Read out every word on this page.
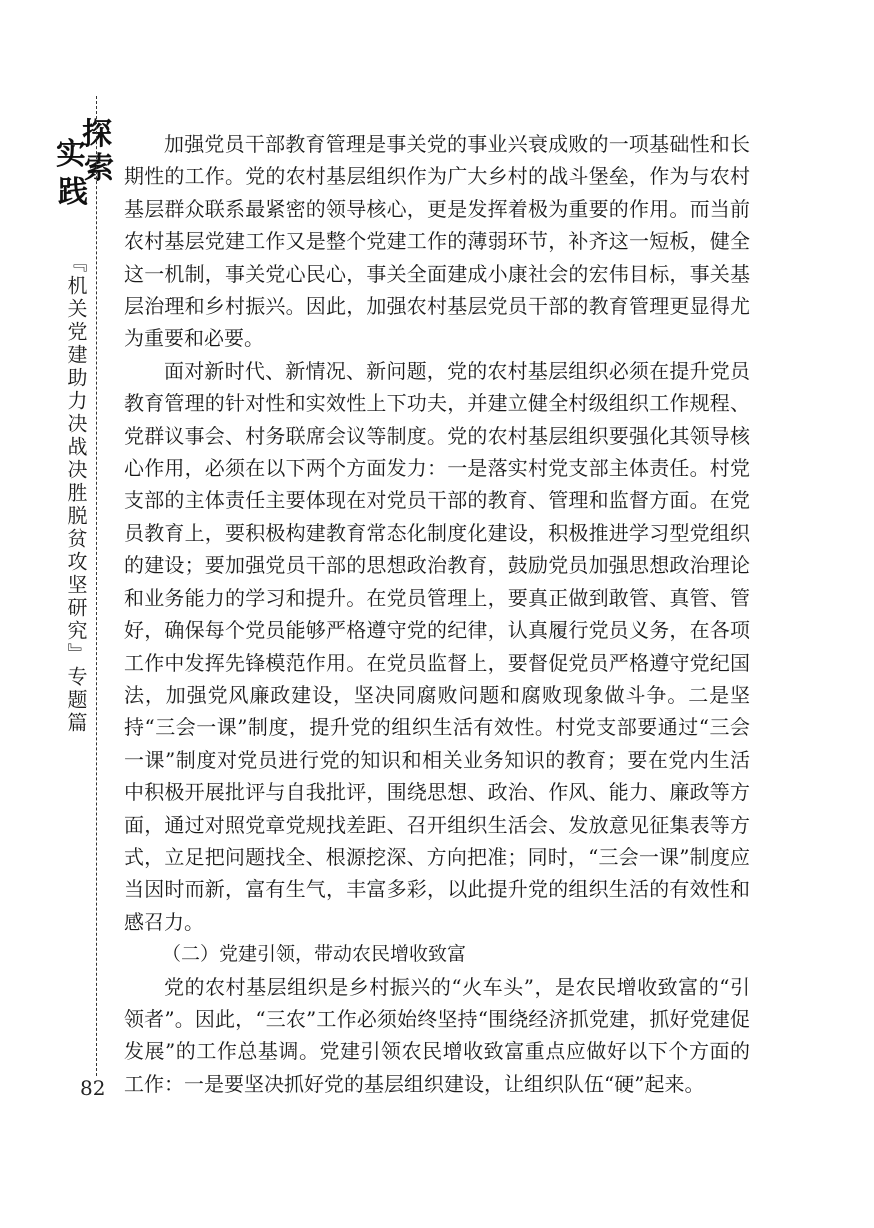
探
索
实
践
『机关党建助力决战决胜脱贫攻坚研究』专题篇
82

加强党员干部教育管理是事关党的事业兴衰成败的一项基础性和长期性的工作。党的农村基层组织作为广大乡村的战斗堡垒，作为与农村基层群众联系最紧密的领导核心，更是发挥着极为重要的作用。而当前农村基层党建工作又是整个党建工作的薄弱环节，补齐这一短板，健全这一机制，事关党心民心，事关全面建成小康社会的宏伟目标，事关基层治理和乡村振兴。因此，加强农村基层党员干部的教育管理更显得尤为重要和必要。

面对新时代、新情况、新问题，党的农村基层组织必须在提升党员教育管理的针对性和实效性上下功夫，并建立健全村级组织工作规程、党群议事会、村务联席会议等制度。党的农村基层组织要强化其领导核心作用，必须在以下两个方面发力：一是落实村党支部主体责任。村党支部的主体责任主要体现在对党员干部的教育、管理和监督方面。在党员教育上，要积极构建教育常态化制度化建设，积极推进学习型党组织的建设；要加强党员干部的思想政治教育，鼓励党员加强思想政治理论和业务能力的学习和提升。在党员管理上，要真正做到敢管、真管、管好，确保每个党员能够严格遵守党的纪律，认真履行党员义务，在各项工作中发挥先锋模范作用。在党员监督上，要督促党员严格遵守党纪国法，加强党风廉政建设，坚决同腐败问题和腐败现象做斗争。二是坚持“三会一课”制度，提升党的组织生活有效性。村党支部要通过“三会一课”制度对党员进行党的知识和相关业务知识的教育；要在党内生活中积极开展批评与自我批评，围绕思想、政治、作风、能力、廉政等方面，通过对照党章党规找差距、召开组织生活会、发放意见征集表等方式，立足把问题找全、根源挖深、方向把准；同时，“三会一课”制度应当因时而新，富有生气，丰富多彩，以此提升党的组织生活的有效性和感召力。

（二）党建引领，带动农民增收致富

党的农村基层组织是乡村振兴的“火车头”，是农民增收致富的“引领者”。因此，“三农”工作必须始终坚持“围绕经济抓党建，抓好党建促发展”的工作总基调。党建引领农民增收致富重点应做好以下个方面的工作：一是要坚决抓好党的基层组织建设，让组织队伍“硬”起来。
